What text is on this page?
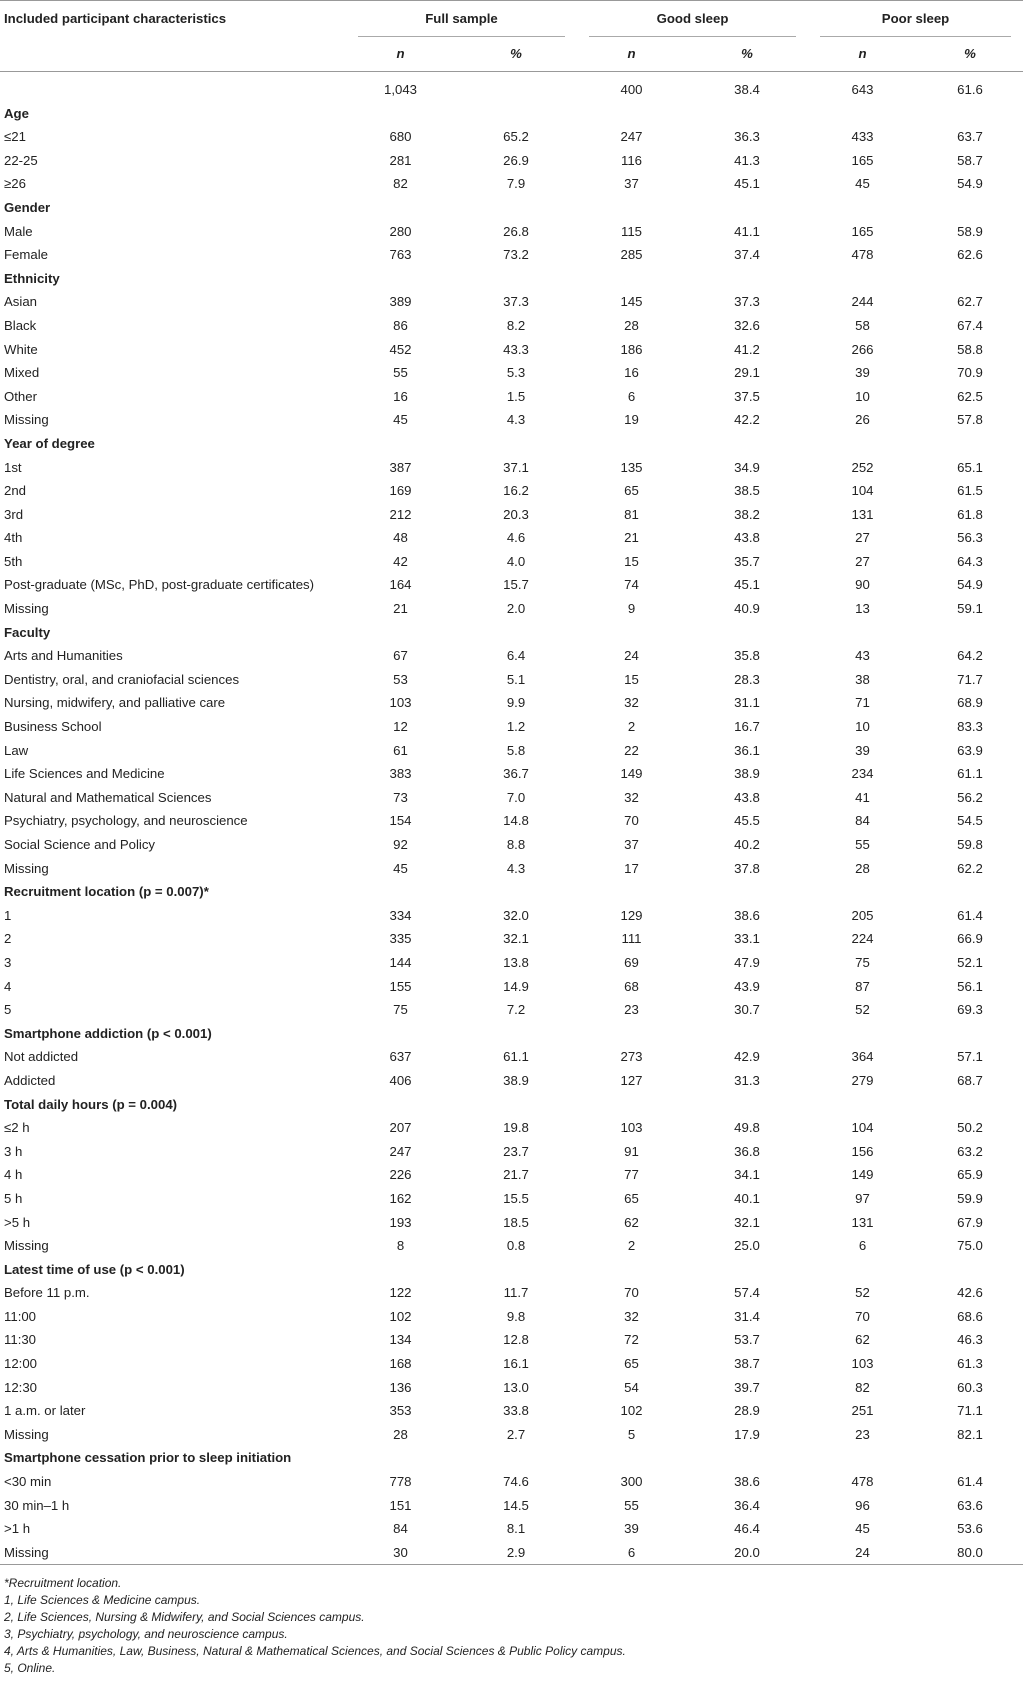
Included participant characteristics	Full sample		Good sleep		Poor sleep	

	n	%	n	%	n	%
	1,043		400	38.4	643	61.6
Age						
≤21	680	65.2	247	36.3	433	63.7
22-25	281	26.9	116	41.3	165	58.7
≥26	82	7.9	37	45.1	45	54.9
Gender						
Male	280	26.8	115	41.1	165	58.9
Female	763	73.2	285	37.4	478	62.6
Ethnicity						
Asian	389	37.3	145	37.3	244	62.7
Black	86	8.2	28	32.6	58	67.4
White	452	43.3	186	41.2	266	58.8
Mixed	55	5.3	16	29.1	39	70.9
Other	16	1.5	6	37.5	10	62.5
Missing	45	4.3	19	42.2	26	57.8
Year of degree						
1st	387	37.1	135	34.9	252	65.1
2nd	169	16.2	65	38.5	104	61.5
3rd	212	20.3	81	38.2	131	61.8
4th	48	4.6	21	43.8	27	56.3
5th	42	4.0	15	35.7	27	64.3
Post-graduate (MSc, PhD, post-graduate certificates)	164	15.7	74	45.1	90	54.9
Missing	21	2.0	9	40.9	13	59.1
Faculty						
Arts and Humanities	67	6.4	24	35.8	43	64.2
Dentistry, oral, and craniofacial sciences	53	5.1	15	28.3	38	71.7
Nursing, midwifery, and palliative care	103	9.9	32	31.1	71	68.9
Business School	12	1.2	2	16.7	10	83.3
Law	61	5.8	22	36.1	39	63.9
Life Sciences and Medicine	383	36.7	149	38.9	234	61.1
Natural and Mathematical Sciences	73	7.0	32	43.8	41	56.2
Psychiatry, psychology, and neuroscience	154	14.8	70	45.5	84	54.5
Social Science and Policy	92	8.8	37	40.2	55	59.8
Missing	45	4.3	17	37.8	28	62.2
Recruitment location (p = 0.007)*						
1	334	32.0	129	38.6	205	61.4
2	335	32.1	111	33.1	224	66.9
3	144	13.8	69	47.9	75	52.1
4	155	14.9	68	43.9	87	56.1
5	75	7.2	23	30.7	52	69.3
Smartphone addiction (p < 0.001)						
Not addicted	637	61.1	273	42.9	364	57.1
Addicted	406	38.9	127	31.3	279	68.7
Total daily hours (p = 0.004)						
≤2 h	207	19.8	103	49.8	104	50.2
3 h	247	23.7	91	36.8	156	63.2
4 h	226	21.7	77	34.1	149	65.9
5 h	162	15.5	65	40.1	97	59.9
>5 h	193	18.5	62	32.1	131	67.9
Missing	8	0.8	2	25.0	6	75.0
Latest time of use (p < 0.001)						
Before 11 p.m.	122	11.7	70	57.4	52	42.6
11:00	102	9.8	32	31.4	70	68.6
11:30	134	12.8	72	53.7	62	46.3
12:00	168	16.1	65	38.7	103	61.3
12:30	136	13.0	54	39.7	82	60.3
1 a.m. or later	353	33.8	102	28.9	251	71.1
Missing	28	2.7	5	17.9	23	82.1
Smartphone cessation prior to sleep initiation						
<30 min	778	74.6	300	38.6	478	61.4
30 min–1 h	151	14.5	55	36.4	96	63.6
>1 h	84	8.1	39	46.4	45	53.6
Missing	30	2.9	6	20.0	24	80.0
*Recruitment location.
1, Life Sciences & Medicine campus.
2, Life Sciences, Nursing & Midwifery, and Social Sciences campus.
3, Psychiatry, psychology, and neuroscience campus.
4, Arts & Humanities, Law, Business, Natural & Mathematical Sciences, and Social Sciences & Public Policy campus.
5, Online.
